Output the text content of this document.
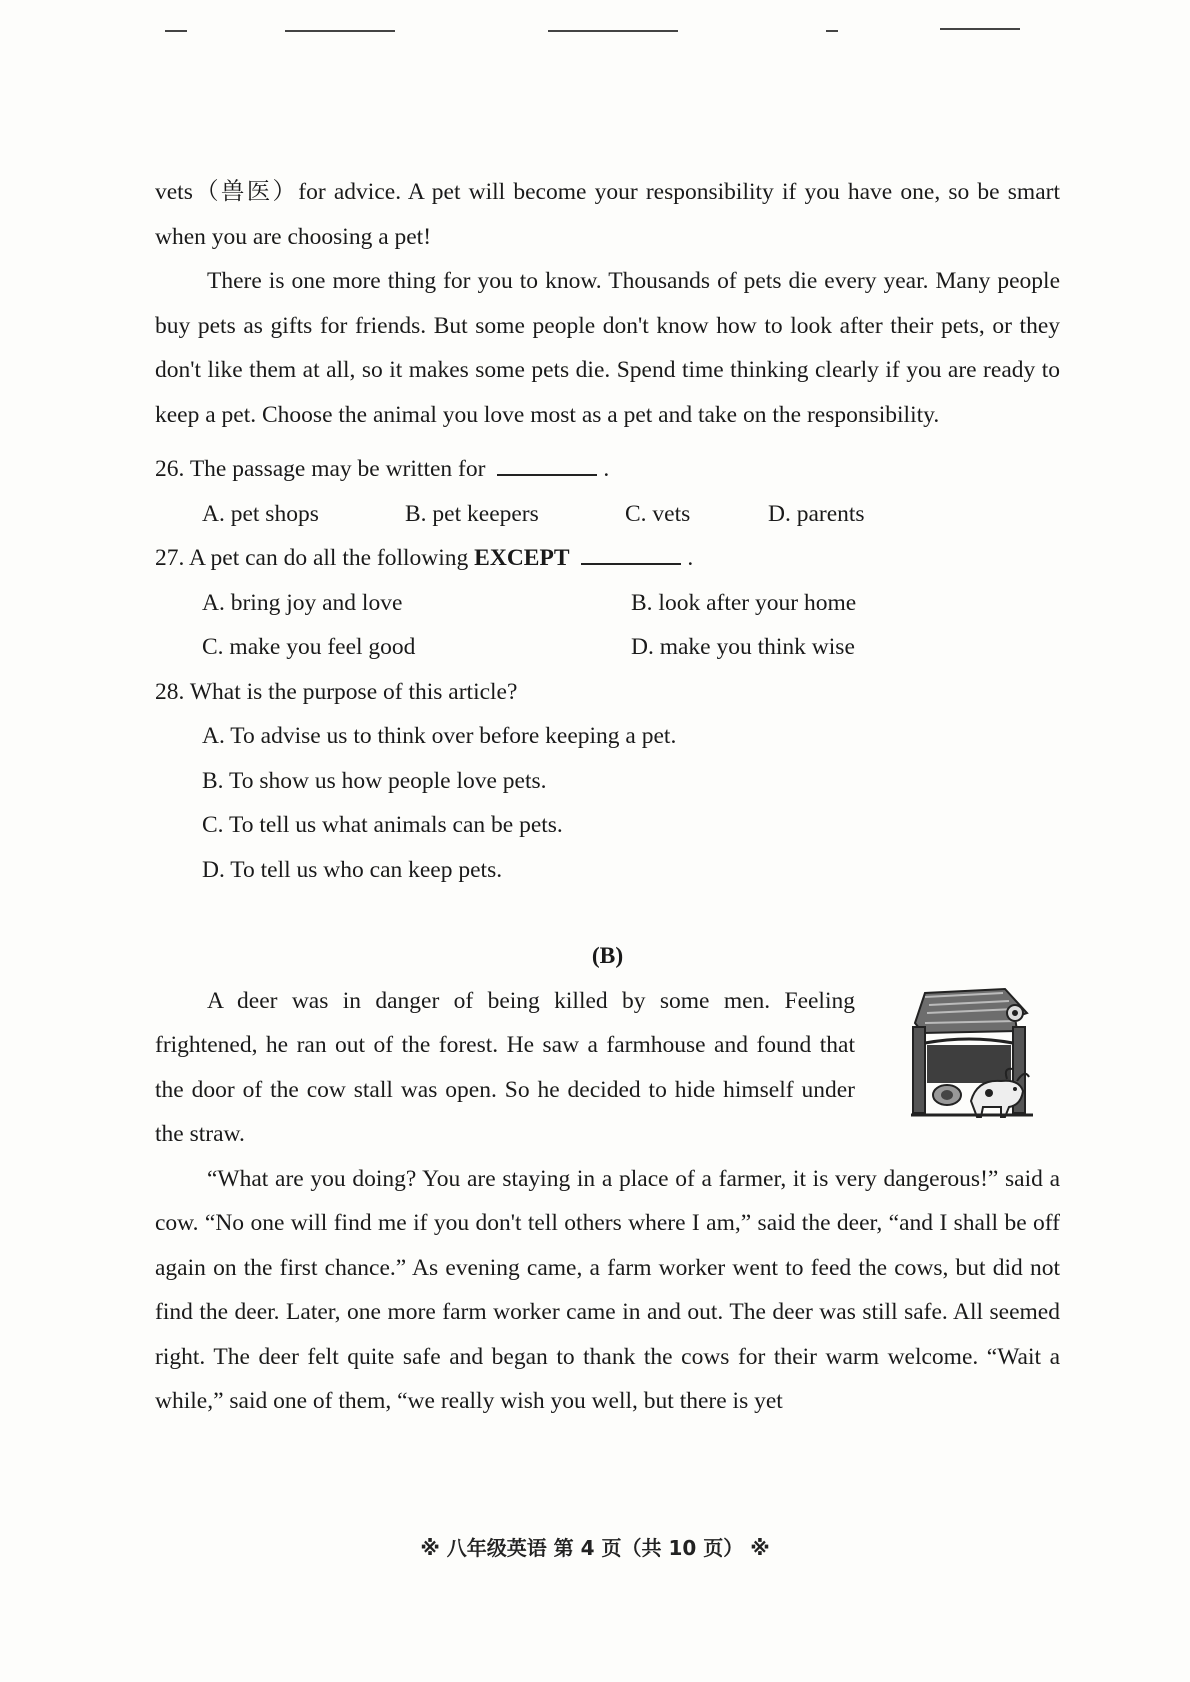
vets（兽医）for advice. A pet will become your responsibility if you have one, so be smart when you are choosing a pet!

There is one more thing for you to know. Thousands of pets die every year. Many people buy pets as gifts for friends. But some people don't know how to look after their pets, or they don't like them at all, so it makes some pets die. Spend time thinking clearly if you are ready to keep a pet. Choose the animal you love most as a pet and take on the responsibility.

26. The passage may be written for	.

A. pet shops	B. pet keepers	C. vets	D. parents

27. A pet can do all the following EXCEPT	.

A. bring joy and love	B. look after your home
C. make you feel good	D. make you think wise

28. What is the purpose of this article?

A. To advise us to think over before keeping a pet.
B. To show us how people love pets.
C. To tell us what animals can be pets.
D. To tell us who can keep pets.

(B)

A deer was in danger of being killed by some men. Feeling frightened, he ran out of the forest. He saw a farmhouse and found that the door of the cow stall was open. So he decided to hide himself under the straw.

“What are you doing? You are staying in a place of a farmer, it is very dangerous!” said a cow. “No one will find me if you don't tell others where I am,” said the deer, “and I shall be off again on the first chance.” As evening came, a farm worker went to feed the cows, but did not find the deer. Later, one more farm worker came in and out. The deer was still safe. All seemed right. The deer felt quite safe and began to thank the cows for their warm welcome. “Wait a while,” said one of them, “we really wish you well, but there is yet

※ 八年级英语 第 4 页（共 10 页） ※
